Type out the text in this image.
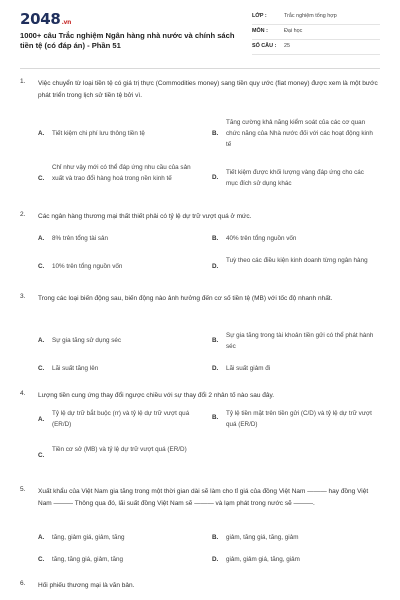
2048.vn
1000+ câu Trắc nghiệm Ngân hàng nhà nước và chính sách tiền tệ (có đáp án) - Phần 51
LỚP :	Trắc nghiệm tổng hợp
MÔN :	Đại học
SỐ CÂU : 25
1. Việc chuyển từ loại tiền tệ có giá trị thực (Commodities money) sang tiền quy ước (fiat money) được xem là một bước phát triển trong lịch sử tiền tệ bởi vì.
A. Tiết kiệm chi phí lưu thông tiền tệ	B.
Tăng cường khả năng kiểm soát của các cơ quan chức năng của Nhà nước đối với các hoạt động kinh tế
C.
Chỉ như vậy mới có thể đáp ứng nhu cầu của sản xuất và trao đổi hàng hoá trong nền kinh tế	D.
Tiết kiệm được khối lượng vàng đáp ứng cho các mục đích sử dụng khác
2. Các ngân hàng thương mại thất thiết phải có tỷ lệ dự trữ vượt quá ở mức.
A. 8% trên tổng tài sản	B. 40% trên tổng nguồn vốn
C. 10% trên tổng nguồn vốn	D.
Tuỳ theo các điều kiện kinh doanh từng ngân hàng
3. Trong các loại biến động sau, biến động nào ảnh hưởng đến cơ số tiền tệ (MB) với tốc độ nhanh nhất.
A. Sự gia tăng sử dụng séc	B.
Sự gia tăng trong tài khoản tiền gửi có thể phát hành séc
C. Lãi suất tăng lên	D. Lãi suất giảm đi
4. Lượng tiền cung ứng thay đổi ngược chiều với sự thay đổi 2 nhân tố nào sau đây.
A.
Tỷ lệ dự trữ bắt buộc (rr) và tỷ lệ dự trữ vượt quá (ER/D)
B.
Tỷ lệ tiền mặt trên tiền gửi (C/D) và tỷ lệ dự trữ vượt quá (ER/D)
C.
Tiền cơ sở (MB) và tỷ lệ dự trữ vượt quá (ER/D)
5. Xuất khẩu của Việt Nam gia tăng trong một thời gian dài sẽ làm cho tỉ giá của đồng Việt Nam ——— hay đồng Việt Nam ——— Thông qua đó, lãi suất đồng Việt Nam sẽ ——— và lạm phát trong nước sẽ ———.
A. tăng, giảm giá, giảm, tăng	B. giảm, tăng giá, tăng, giảm
C. tăng, tăng giá, giảm, tăng	D. giảm, giảm giá, tăng, giảm
6. Hối phiếu thương mại là văn bản.
